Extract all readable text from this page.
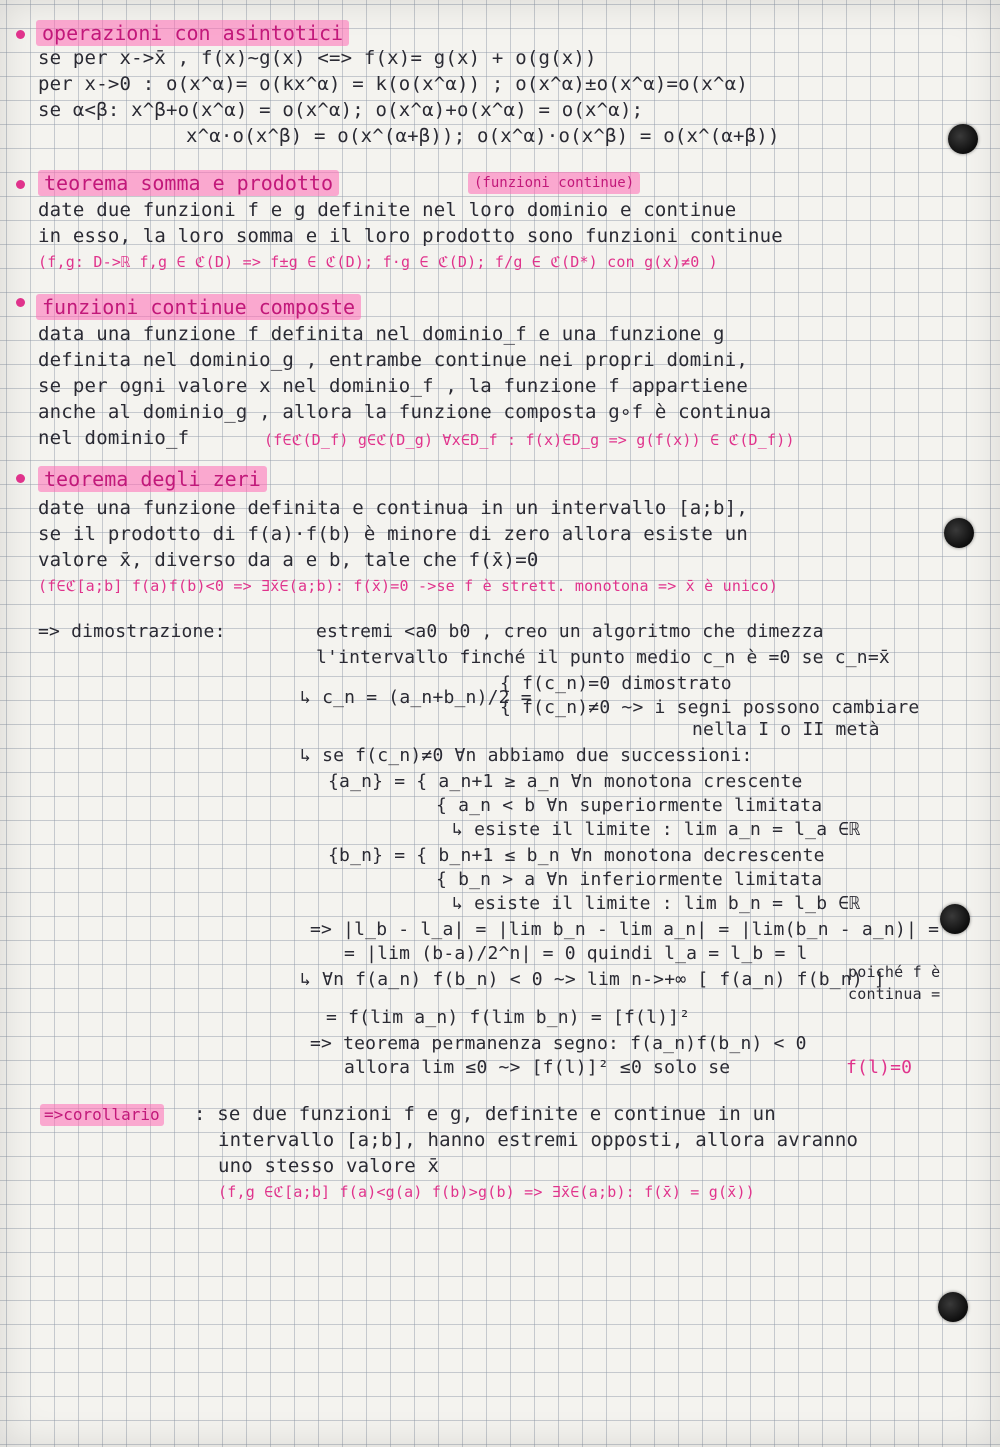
operazioni con asintotici
se per x->x̄ , f(x)~g(x) <=> f(x)= g(x) + o(g(x))
per x->0 : o(x^α)= o(kx^α) = k(o(x^α)) ; o(x^α)±o(x^α)=o(x^α)
se α<β: x^β+o(x^α) = o(x^α); o(x^α)+o(x^α) = o(x^α);
x^α·o(x^β) = o(x^(α+β)); o(x^α)·o(x^β) = o(x^(α+β))
teorema somma e prodotto	(funzioni continue)
date due funzioni f e g definite nel loro dominio e continue
in esso, la loro somma e il loro prodotto sono funzioni continue
(f,g: D->ℝ f,g ∈ ℭ(D) => f±g ∈ ℭ(D); f·g ∈ ℭ(D); f/g ∈ ℭ(D*) con g(x)≠0 )
funzioni continue composte
data una funzione f definita nel dominio_f e una funzione g
definita nel dominio_g , entrambe continue nei propri domini,
se per ogni valore x nel dominio_f , la funzione f appartiene
anche al dominio_g , allora la funzione composta g∘f è continua
nel dominio_f	(f∈ℭ(D_f) g∈ℭ(D_g) ∀x∈D_f : f(x)∈D_g => g(f(x)) ∈ ℭ(D_f))
teorema degli zeri
date una funzione definita e continua in un intervallo [a;b],
se il prodotto di f(a)·f(b) è minore di zero allora esiste un
valore x̄, diverso da a e b, tale che f(x̄)=0
(f∈ℭ[a;b] f(a)f(b)<0 => ∃x̄∈(a;b): f(x̄)=0 ->se f è strett. monotona => x̄ è unico)
=> dimostrazione:	estremi <a0 b0 , creo un algoritmo che dimezza
l'intervallo finché il punto medio c_n è =0 se c_n=x̄
↳ c_n = (a_n+b_n)/2 =
{ f(c_n)=0 dimostrato
{ f(c_n)≠0 ~> i segni possono cambiare
nella I o II metà
↳ se f(c_n)≠0 ∀n abbiamo due successioni:
{a_n} = { a_n+1 ≥ a_n ∀n monotona crescente
{ a_n < b ∀n superiormente limitata
↳ esiste il limite : lim a_n = l_a ∈ℝ
{b_n} = { b_n+1 ≤ b_n ∀n monotona decrescente
{ b_n > a ∀n inferiormente limitata
↳ esiste il limite : lim b_n = l_b ∈ℝ
=> |l_b - l_a| = |lim b_n - lim a_n| = |lim(b_n - a_n)| =
= |lim (b-a)/2^n| = 0 quindi l_a = l_b = l
↳ ∀n f(a_n) f(b_n) < 0 ~> lim n->+∞ [ f(a_n) f(b_n) ]
poiché f è
continua =
= f(lim a_n) f(lim b_n) = [f(l)]²
=> teorema permanenza segno: f(a_n)f(b_n) < 0
allora lim ≤0 ~> [f(l)]² ≤0 solo se	f(l)=0
=>corollario : se due funzioni f e g, definite e continue in un
intervallo [a;b], hanno estremi opposti, allora avranno
uno stesso valore x̄
(f,g ∈ℭ[a;b] f(a)<g(a) f(b)>g(b) => ∃x̄∈(a;b): f(x̄) = g(x̄))
